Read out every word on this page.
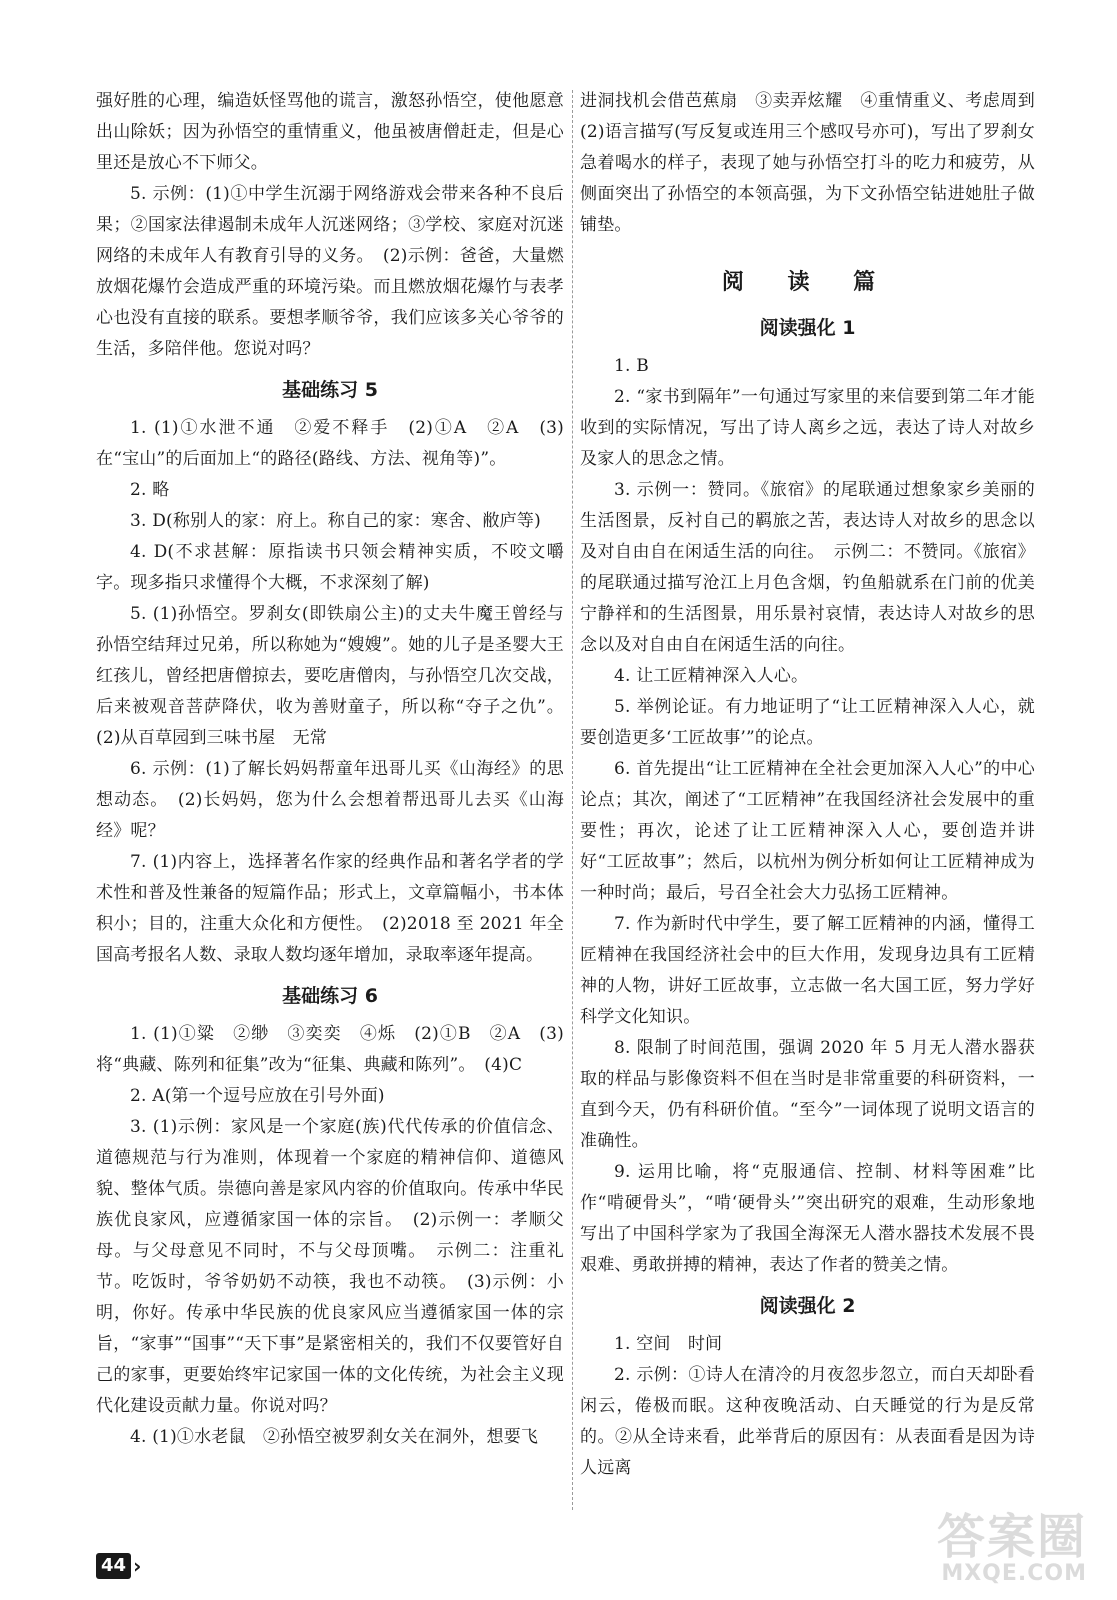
强好胜的心理，编造妖怪骂他的谎言，激怒孙悟空，使他愿意出山除妖；因为孙悟空的重情重义，他虽被唐僧赶走，但是心里还是放心不下师父。

5. 示例：(1)①中学生沉溺于网络游戏会带来各种不良后果；②国家法律遏制未成年人沉迷网络；③学校、家庭对沉迷网络的未成年人有教育引导的义务。　(2)示例：爸爸，大量燃放烟花爆竹会造成严重的环境污染。而且燃放烟花爆竹与表孝心也没有直接的联系。要想孝顺爷爷，我们应该多关心爷爷的生活，多陪伴他。您说对吗？

基础练习 5

1. (1)①水泄不通　②爱不释手　(2)①A　②A　(3)在“宝山”的后面加上“的路径(路线、方法、视角等)”。

2. 略

3. D(称别人的家：府上。称自己的家：寒舍、敝庐等)

4. D(不求甚解：原指读书只领会精神实质，不咬文嚼字。现多指只求懂得个大概，不求深刻了解)

5. (1)孙悟空。罗刹女(即铁扇公主)的丈夫牛魔王曾经与孙悟空结拜过兄弟，所以称她为“嫂嫂”。她的儿子是圣婴大王红孩儿，曾经把唐僧掠去，要吃唐僧肉，与孙悟空几次交战，后来被观音菩萨降伏，收为善财童子，所以称“夺子之仇”。(2)从百草园到三味书屋　无常

6. 示例：(1)了解长妈妈帮童年迅哥儿买《山海经》的思想动态。　(2)长妈妈，您为什么会想着帮迅哥儿去买《山海经》呢？

7. (1)内容上，选择著名作家的经典作品和著名学者的学术性和普及性兼备的短篇作品；形式上，文章篇幅小，书本体积小；目的，注重大众化和方便性。　(2)2018 至 2021 年全国高考报名人数、录取人数均逐年增加，录取率逐年提高。

基础练习 6

1. (1)①粱　②缈　③奕奕　④烁　(2)①B　②A　(3)将“典藏、陈列和征集”改为“征集、典藏和陈列”。　(4)C

2. A(第一个逗号应放在引号外面)

3. (1)示例：家风是一个家庭(族)代代传承的价值信念、道德规范与行为准则，体现着一个家庭的精神信仰、道德风貌、整体气质。崇德向善是家风内容的价值取向。传承中华民族优良家风，应遵循家国一体的宗旨。　(2)示例一：孝顺父母。与父母意见不同时，不与父母顶嘴。　示例二：注重礼节。吃饭时，爷爷奶奶不动筷，我也不动筷。　(3)示例：小明，你好。传承中华民族的优良家风应当遵循家国一体的宗旨，“家事”“国事”“天下事”是紧密相关的，我们不仅要管好自己的家事，更要始终牢记家国一体的文化传统，为社会主义现代化建设贡献力量。你说对吗？

4. (1)①水老鼠　②孙悟空被罗刹女关在洞外，想要飞

进洞找机会借芭蕉扇　③卖弄炫耀　④重情重义、考虑周到　(2)语言描写(写反复或连用三个感叹号亦可)，写出了罗刹女急着喝水的样子，表现了她与孙悟空打斗的吃力和疲劳，从侧面突出了孙悟空的本领高强，为下文孙悟空钻进她肚子做铺垫。

阅 读 篇
阅读强化 1

1. B

2. “家书到隔年”一句通过写家里的来信要到第二年才能收到的实际情况，写出了诗人离乡之远，表达了诗人对故乡及家人的思念之情。

3. 示例一：赞同。《旅宿》的尾联通过想象家乡美丽的生活图景，反衬自己的羁旅之苦，表达诗人对故乡的思念以及对自由自在闲适生活的向往。　示例二：不赞同。《旅宿》的尾联通过描写沧江上月色含烟，钓鱼船就系在门前的优美宁静祥和的生活图景，用乐景衬哀情，表达诗人对故乡的思念以及对自由自在闲适生活的向往。

4. 让工匠精神深入人心。

5. 举例论证。有力地证明了“让工匠精神深入人心，就要创造更多‘工匠故事’”的论点。

6. 首先提出“让工匠精神在全社会更加深入人心”的中心论点；其次，阐述了“工匠精神”在我国经济社会发展中的重要性；再次，论述了让工匠精神深入人心，要创造并讲好“工匠故事”；然后，以杭州为例分析如何让工匠精神成为一种时尚；最后，号召全社会大力弘扬工匠精神。

7. 作为新时代中学生，要了解工匠精神的内涵，懂得工匠精神在我国经济社会中的巨大作用，发现身边具有工匠精神的人物，讲好工匠故事，立志做一名大国工匠，努力学好科学文化知识。

8. 限制了时间范围，强调 2020 年 5 月无人潜水器获取的样品与影像资料不但在当时是非常重要的科研资料，一直到今天，仍有科研价值。“至今”一词体现了说明文语言的准确性。

9. 运用比喻，将“克服通信、控制、材料等困难”比作“啃硬骨头”，“啃‘硬骨头’”突出研究的艰难，生动形象地写出了中国科学家为了我国全海深无人潜水器技术发展不畏艰难、勇敢拼搏的精神，表达了作者的赞美之情。

阅读强化 2

1. 空间　时间

2. 示例：①诗人在清冷的月夜忽步忽立，而白天却卧看闲云，倦极而眠。这种夜晚活动、白天睡觉的行为是反常的。②从全诗来看，此举背后的原因有：从表面看是因为诗人远离

44 ›
答案圈
MXQE.COM
